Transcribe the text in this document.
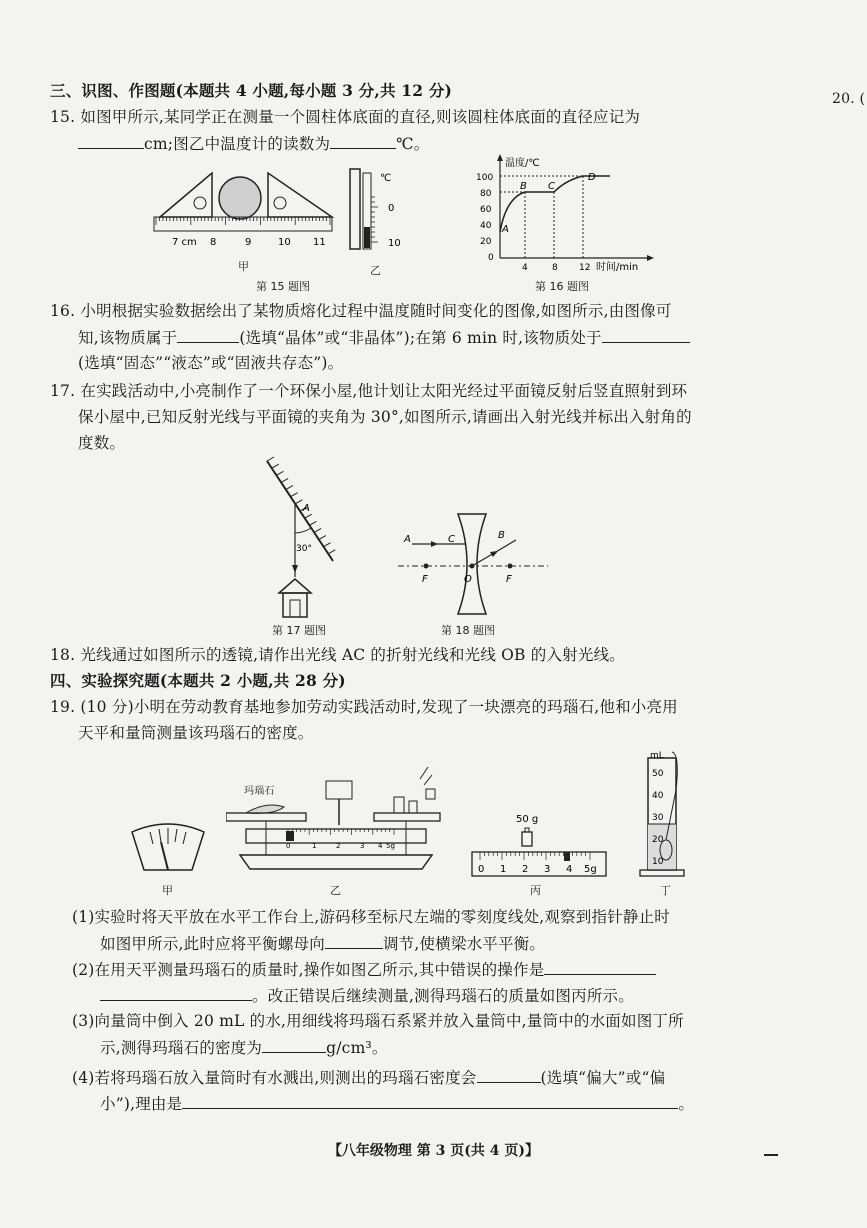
20. (
三、识图、作图题(本题共 4 小题,每小题 3 分,共 12 分)
15. 如图甲所示,某同学正在测量一个圆柱体底面的直径,则该圆柱体底面的直径应记为
cm;图乙中温度计的读数为	℃。
7 cm 8	9	10 11
甲
℃
0
10
乙
第 15 题图
温度/℃
时间/min
100
80
60
40
20
0
4	8 12
A
B C
D
第 16 题图
16. 小明根据实验数据绘出了某物质熔化过程中温度随时间变化的图像,如图所示,由图像可
知,该物质属于	(选填“晶体”或“非晶体”);在第 6 min 时,该物质处于
(选填“固态”“液态”或“固液共存态”)。
17. 在实践活动中,小亮制作了一个环保小屋,他计划让太阳光经过平面镜反射后竖直照射到环
保小屋中,已知反射光线与平面镜的夹角为 30°,如图所示,请画出入射光线并标出入射角的
度数。
A
30°
第 17 题图
A	C	B
F	O	F
第 18 题图
18. 光线通过如图所示的透镜,请作出光线 AC 的折射光线和光线 OB 的入射光线。
四、实验探究题(本题共 2 小题,共 28 分)
19. (10 分)小明在劳动教育基地参加劳动实践活动时,发现了一块漂亮的玛瑙石,他和小亮用
天平和量筒测量该玛瑙石的密度。
甲
0	1	2	3 4 5g
玛瑙石
乙
50 g
0 1 2 3 4 5g
丙
mL
50
40
30
20
10
丁
(1)实验时将天平放在水平工作台上,游码移至标尺左端的零刻度线处,观察到指针静止时
如图甲所示,此时应将平衡螺母向	调节,使横梁水平平衡。
(2)在用天平测量玛瑙石的质量时,操作如图乙所示,其中错误的操作是
。改正错误后继续测量,测得玛瑙石的质量如图丙所示。
(3)向量筒中倒入 20 mL 的水,用细线将玛瑙石系紧并放入量筒中,量筒中的水面如图丁所
示,测得玛瑙石的密度为	g/cm³。
(4)若将玛瑙石放入量筒时有水溅出,则测出的玛瑙石密度会	(选填“偏大”或“偏
小”),理由是	。
【八年级物理 第 3 页(共 4 页)】
